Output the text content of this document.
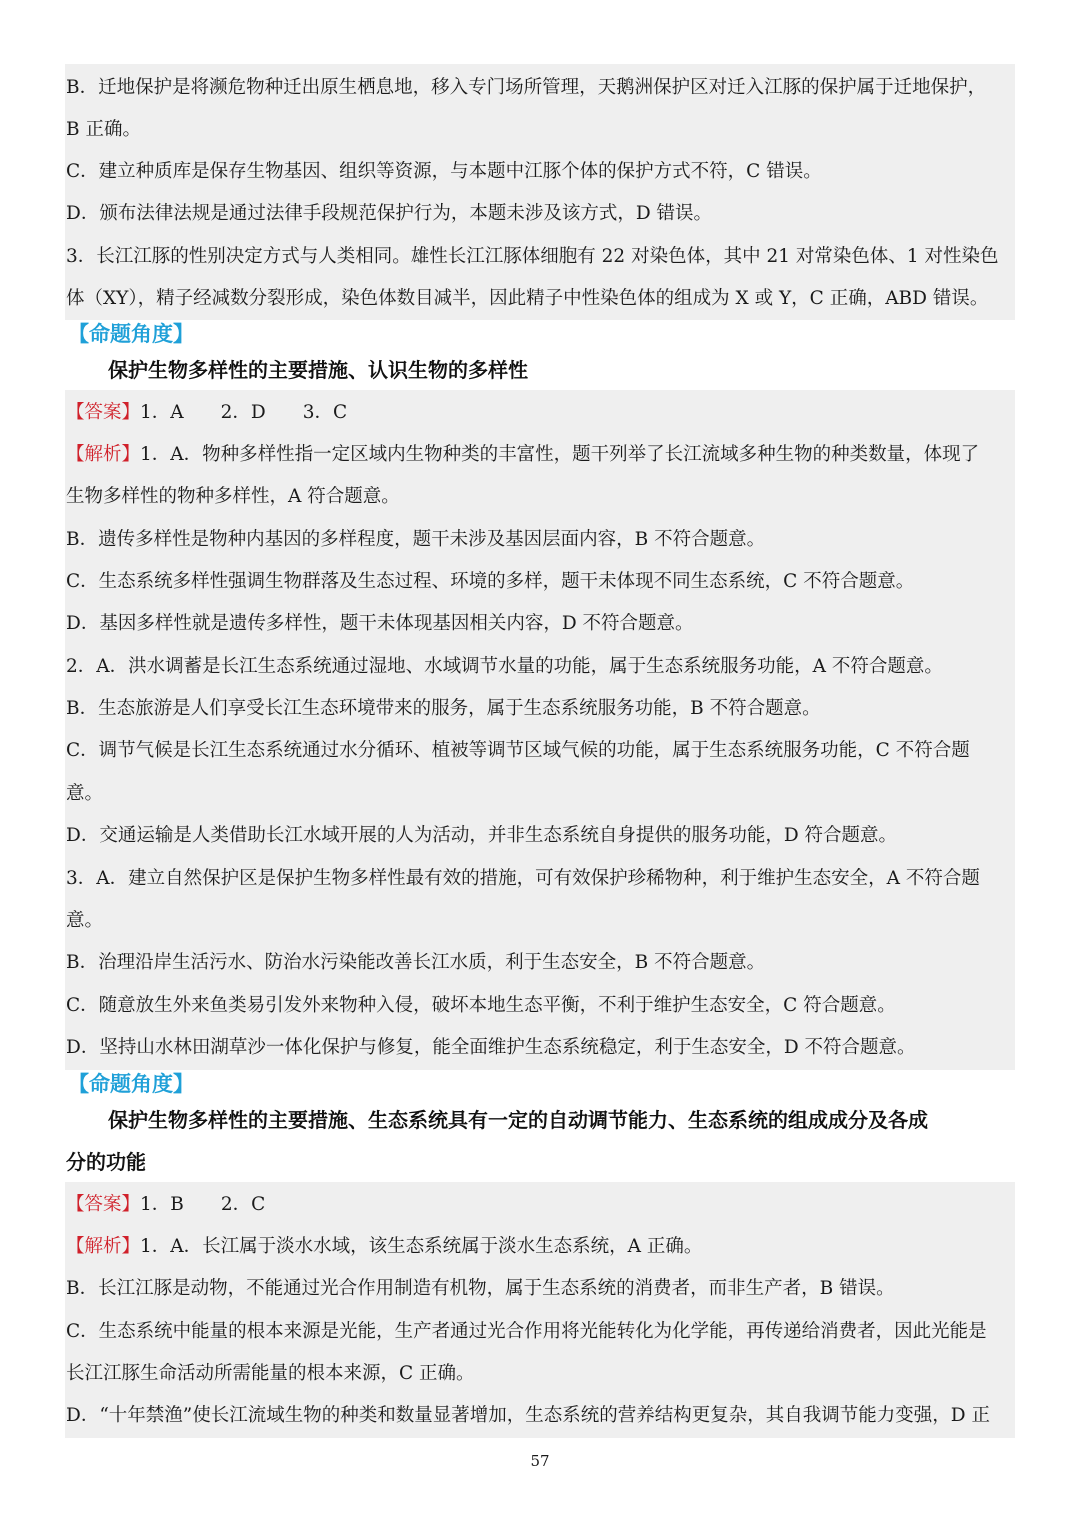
B．迁地保护是将濒危物种迁出原生栖息地，移入专门场所管理，天鹅洲保护区对迁入江豚的保护属于迁地保护，
B 正确。
C．建立种质库是保存生物基因、组织等资源，与本题中江豚个体的保护方式不符，C 错误。
D．颁布法律法规是通过法律手段规范保护行为，本题未涉及该方式，D 错误。
3．长江江豚的性别决定方式与人类相同。雄性长江江豚体细胞有 22 对染色体，其中 21 对常染色体、1 对性染色
体（XY），精子经减数分裂形成，染色体数目减半，因此精子中性染色体的组成为 X 或 Y，C 正确，ABD 错误。
【命题角度】
保护生物多样性的主要措施、认识生物的多样性
【答案】1．A　　2．D　　3．C
【解析】1．A．物种多样性指一定区域内生物种类的丰富性，题干列举了长江流域多种生物的种类数量，体现了
生物多样性的物种多样性，A 符合题意。
B．遗传多样性是物种内基因的多样程度，题干未涉及基因层面内容，B 不符合题意。
C．生态系统多样性强调生物群落及生态过程、环境的多样，题干未体现不同生态系统，C 不符合题意。
D．基因多样性就是遗传多样性，题干未体现基因相关内容，D 不符合题意。
2．A．洪水调蓄是长江生态系统通过湿地、水域调节水量的功能，属于生态系统服务功能，A 不符合题意。
B．生态旅游是人们享受长江生态环境带来的服务，属于生态系统服务功能，B 不符合题意。
C．调节气候是长江生态系统通过水分循环、植被等调节区域气候的功能，属于生态系统服务功能，C 不符合题
意。
D．交通运输是人类借助长江水域开展的人为活动，并非生态系统自身提供的服务功能，D 符合题意。
3．A．建立自然保护区是保护生物多样性最有效的措施，可有效保护珍稀物种，利于维护生态安全，A 不符合题
意。
B．治理沿岸生活污水、防治水污染能改善长江水质，利于生态安全，B 不符合题意。
C．随意放生外来鱼类易引发外来物种入侵，破坏本地生态平衡，不利于维护生态安全，C 符合题意。
D．坚持山水林田湖草沙一体化保护与修复，能全面维护生态系统稳定，利于生态安全，D 不符合题意。
【命题角度】
保护生物多样性的主要措施、生态系统具有一定的自动调节能力、生态系统的组成成分及各成
分的功能
【答案】1．B　　2．C
【解析】1．A．长江属于淡水水域，该生态系统属于淡水生态系统，A 正确。
B．长江江豚是动物，不能通过光合作用制造有机物，属于生态系统的消费者，而非生产者，B 错误。
C．生态系统中能量的根本来源是光能，生产者通过光合作用将光能转化为化学能，再传递给消费者，因此光能是
长江江豚生命活动所需能量的根本来源，C 正确。
D．“十年禁渔”使长江流域生物的种类和数量显著增加，生态系统的营养结构更复杂，其自我调节能力变强，D 正
57
